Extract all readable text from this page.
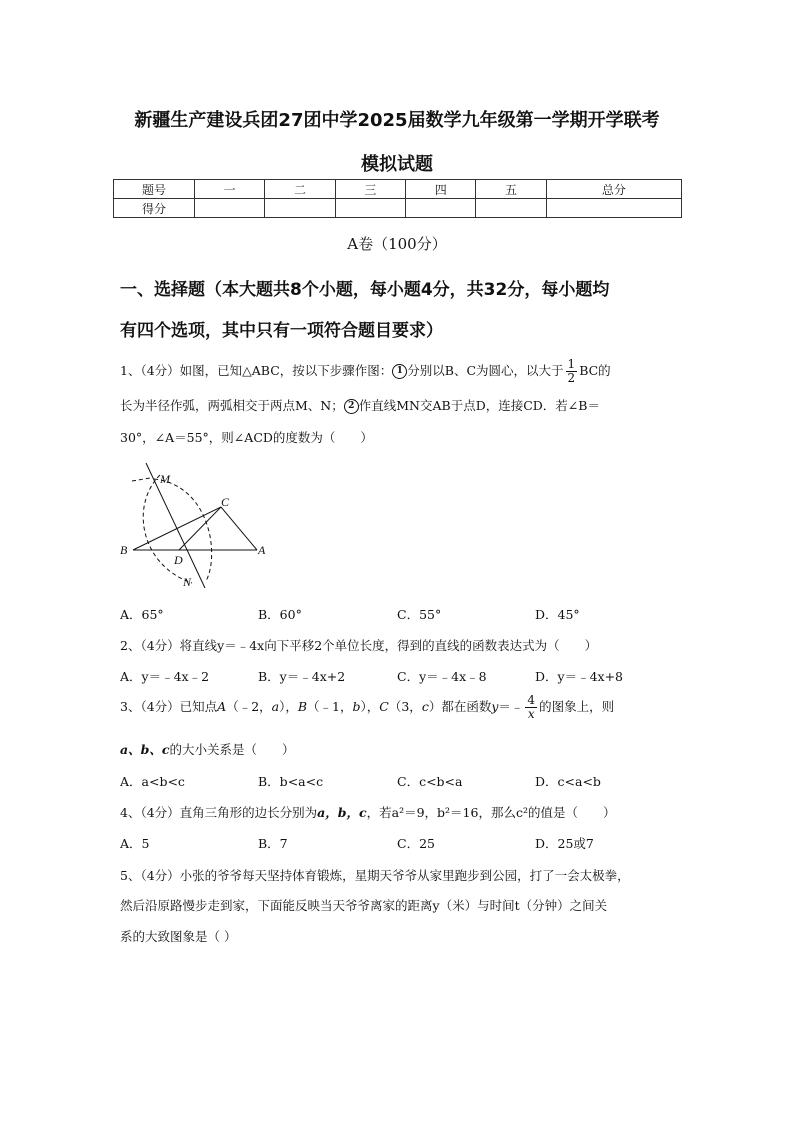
新疆生产建设兵团27团中学2025届数学九年级第一学期开学联考
模拟试题
题号	一	二	三	四	五	总分
得分						
A卷（100分）
一、选择题（本大题共8个小题，每小题4分，共32分，每小题均
有四个选项，其中只有一项符合题目要求）
1、（4分）如图，已知△ABC，按以下步骤作图： 1 分别以B、C为圆心，以大于 $\frac{1}{2}$ BC的
长为半径作弧，两弧相交于两点M、N； 2 作直线MN交AB于点D，连接CD．若∠B＝
30°，∠A＝55°，则∠ACD的度数为（　　）
M
C
B
D
A
N
A．65°	B．60°	C．55°	D．45°
2、（4分）将直线y＝﹣4x向下平移2个单位长度，得到的直线的函数表达式为（　　）
A．y＝﹣4x﹣2	B．y＝﹣4x+2	C．y＝﹣4x﹣8	D．y＝﹣4x+8
3、（4分）已知点A（﹣2，a），B（﹣1，b），C（3，c）都在函数y＝﹣ $\frac{4}{x}$ 的图象上，则
a、b、c的大小关系是（　　）
A．a<b<c	B．b<a<c	C．c<b<a	D．c<a<b
4、（4分）直角三角形的边长分别为a，b，c，若a²＝9，b²＝16，那么c²的值是（　　）
A．5	B．7	C．25	D．25或7
5、（4分）小张的爷爷每天坚持体育锻炼，星期天爷爷从家里跑步到公园，打了一会太极拳，
然后沿原路慢步走到家，下面能反映当天爷爷离家的距离y（米）与时间t（分钟）之间关
系的大致图象是（ ）
